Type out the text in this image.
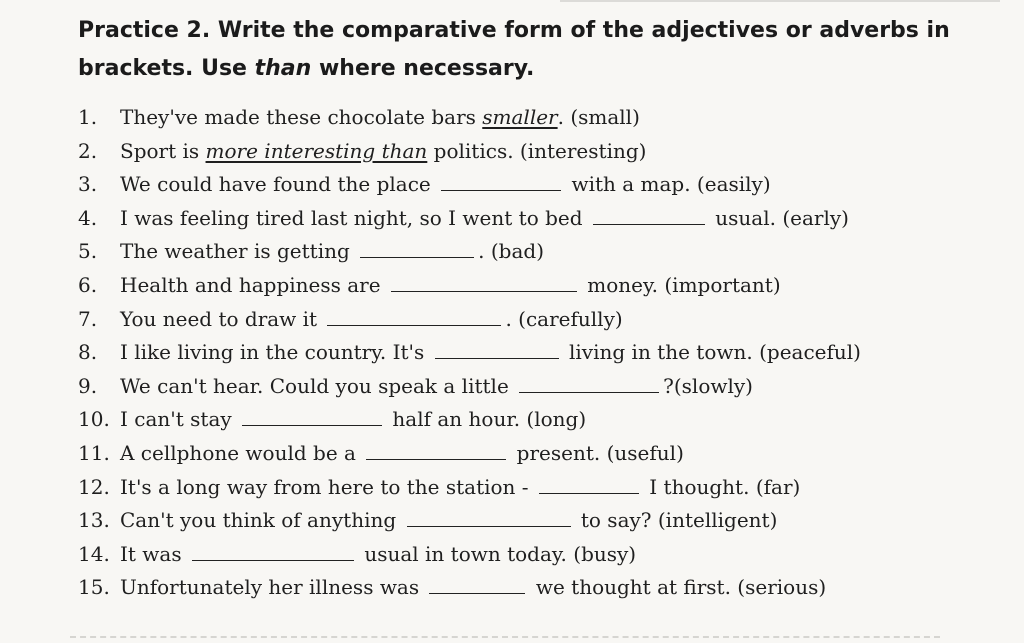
Practice 2. Write the comparative form of the adjectives or adverbs in brackets. Use than where necessary.
1.	They've made these chocolate bars smaller . (small)
2.	Sport is more interesting than politics. (interesting)
3.	We could have found the place	with a map. (easily)
4.	I was feeling tired last night, so I went to bed	usual. (early)
5.	The weather is getting	. (bad)
6.	Health and happiness are	money. (important)
7.	You need to draw it	. (carefully)
8.	I like living in the country. It's	living in the town. (peaceful)
9.	We can't hear. Could you speak a little	?(slowly)
10. I can't stay	half an hour. (long)
11. A cellphone would be a	present. (useful)
12. It's a long way from here to the station -	I thought. (far)
13. Can't you think of anything	to say? (intelligent)
14. It was	usual in town today. (busy)
15. Unfortunately her illness was	we thought at first. (serious)
